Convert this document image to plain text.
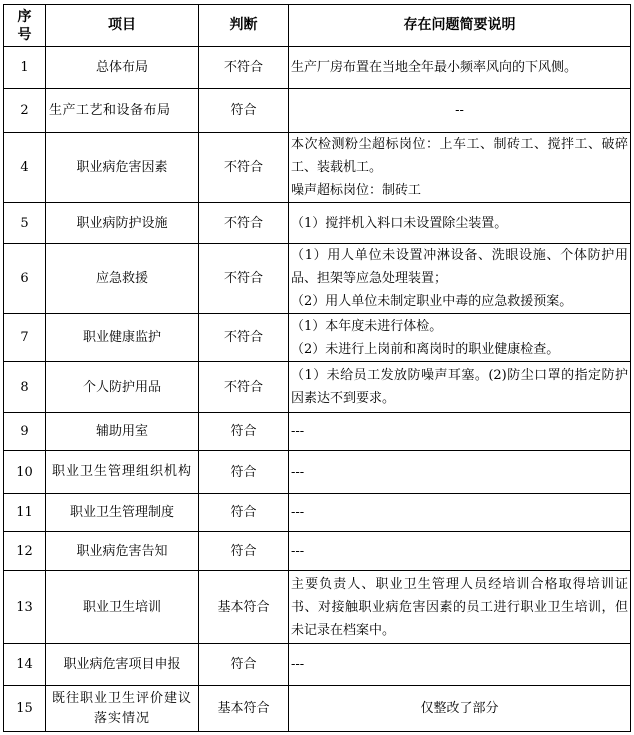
序号	项目	判断	存在问题简要说明
1	总体布局	不符合	生产厂房布置在当地全年最小频率风向的下风侧。

2	生产工艺和设备布局	符合	--

4	职业病危害因素	不符合	本次检测粉尘超标岗位：上车工、制砖工、搅拌工、破碎工、装载机工。
噪声超标岗位：制砖工

5	职业病防护设施	不符合	（1）搅拌机入料口未设置除尘装置。

6	应急救援	不符合	（1）用人单位未设置冲淋设备、洗眼设施、个体防护用品、担架等应急处理装置；
（2）用人单位未制定职业中毒的应急救援预案。

7	职业健康监护	不符合	（1）本年度未进行体检。
（2）未进行上岗前和离岗时的职业健康检查。

8	个人防护用品	不符合	（1）未给员工发放防噪声耳塞。(2)防尘口罩的指定防护因素达不到要求。

9	辅助用室	符合	---

10	职业卫生管理组织机构	符合	---

11	职业卫生管理制度	符合	---

12	职业病危害告知	符合	---

13	职业卫生培训	基本符合	主要负责人、职业卫生管理人员经培训合格取得培训证书、对接触职业病危害因素的员工进行职业卫生培训，但未记录在档案中。

14	职业病危害项目申报	符合	---

15	既往职业卫生评价建议落实情况	基本符合	仅整改了部分
